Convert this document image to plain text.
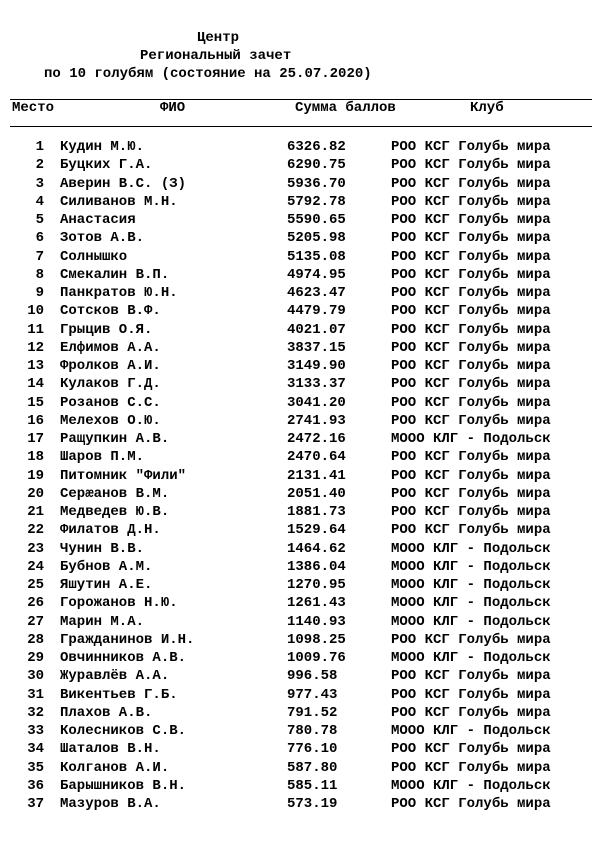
Центр
Региональный зачет
по 10 голубям (состояние на 25.07.2020)
Место	ФИО	Сумма баллов	Клуб
1 Кудин М.Ю.	6326.82	РОО КСГ Голубь мира
2 Буцких Г.А.	6290.75	РОО КСГ Голубь мира
3 Аверин В.С. (З)	5936.70	РОО КСГ Голубь мира
4 Силиванов М.Н.	5792.78	РОО КСГ Голубь мира
5 Анастасия	5590.65	РОО КСГ Голубь мира
6 Зотов А.В.	5205.98	РОО КСГ Голубь мира
7 Солнышко	5135.08	РОО КСГ Голубь мира
8 Смекалин В.П.	4974.95	РОО КСГ Голубь мира
9 Панкратов Ю.Н.	4623.47	РОО КСГ Голубь мира
10 Сотсков В.Ф.	4479.79	РОО КСГ Голубь мира
11 Грыцив О.Я.	4021.07	РОО КСГ Голубь мира
12 Елфимов А.А.	3837.15	РОО КСГ Голубь мира
13 Фролков А.И.	3149.90	РОО КСГ Голубь мира
14 Кулаков Г.Д.	3133.37	РОО КСГ Голубь мира
15 Розанов С.С.	3041.20	РОО КСГ Голубь мира
16 Мелехов О.Ю.	2741.93	РОО КСГ Голубь мира
17 Ращупкин А.В.	2472.16	МООО КЛГ - Подольск
18 Шаров П.М.	2470.64	РОО КСГ Голубь мира
19 Питомник "Фили"	2131.41	РОО КСГ Голубь мира
20 Серæанов В.М.	2051.40	РОО КСГ Голубь мира
21 Медведев Ю.В.	1881.73	РОО КСГ Голубь мира
22 Филатов Д.Н.	1529.64	РОО КСГ Голубь мира
23 Чунин В.В.	1464.62	МООО КЛГ - Подольск
24 Бубнов А.М.	1386.04	МООО КЛГ - Подольск
25 Яшутин А.Е.	1270.95	МООО КЛГ - Подольск
26 Горожанов Н.Ю.	1261.43	МООО КЛГ - Подольск
27 Марин М.А.	1140.93	МООО КЛГ - Подольск
28 Гражданинов И.Н.	1098.25	РОО КСГ Голубь мира
29 Овчинников А.В.	1009.76	МООО КЛГ - Подольск
30 Журавлёв А.А.	996.58	РОО КСГ Голубь мира
31 Викентьев Г.Б.	977.43	РОО КСГ Голубь мира
32 Плахов А.В.	791.52	РОО КСГ Голубь мира
33 Колесников С.В.	780.78	МООО КЛГ - Подольск
34 Шаталов В.Н.	776.10	РОО КСГ Голубь мира
35 Колганов А.И.	587.80	РОО КСГ Голубь мира
36 Барышников В.Н.	585.11	МООО КЛГ - Подольск
37 Мазуров В.А.	573.19	РОО КСГ Голубь мира
